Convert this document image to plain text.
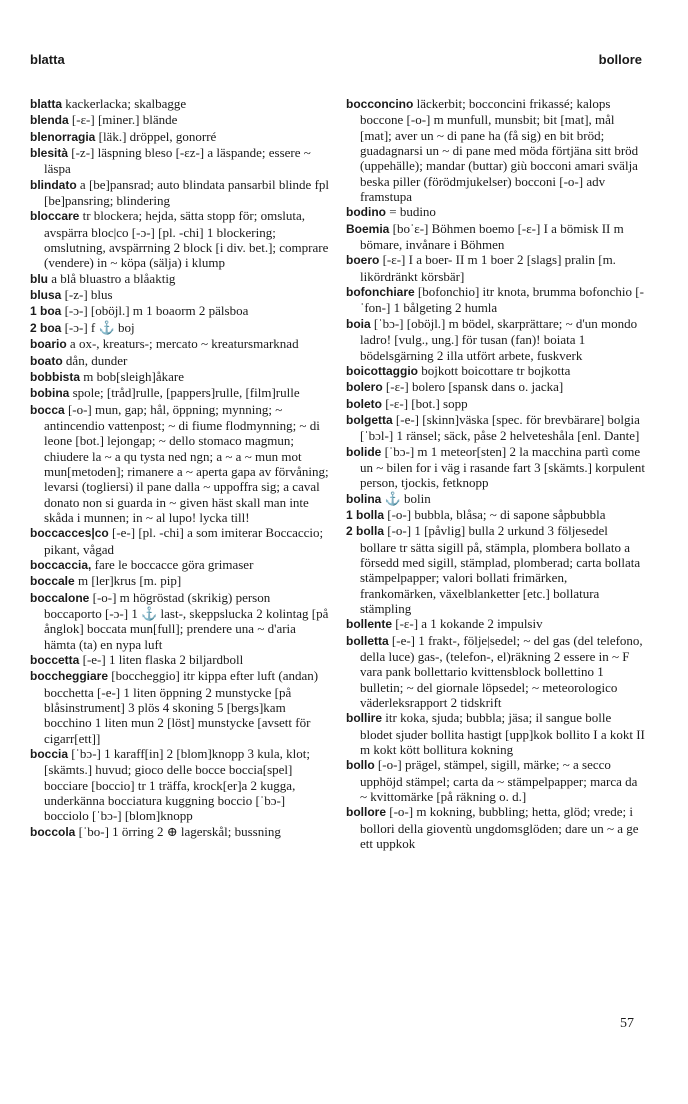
blatta	bollore

blatta kackerlacka; skalbagge

blenda [-ɛ-] [miner.] blände

blenorragia [läk.] dröppel, gonorré

blesità [-z-] läspning bleso [-ɛz-] a läspande; essere ~ läspa

blindato a [be]pansrad; auto blindata pansarbil blinde fpl [be]pansring; blindering

bloccare tr blockera; hejda, sätta stopp för; omsluta, avspärra bloc|co [-ɔ-] [pl. -chi] 1 blockering; omslutning, avspärrning 2 block [i div. bet.]; comprare (vendere) in ~ köpa (sälja) i klump

blu a blå bluastro a blåaktig

blusa [-z-] blus

1 boa [-ɔ-] [oböjl.] m 1 boaorm 2 pälsboa

2 boa [-ɔ-] f ⚓ boj

boario a ox-, kreaturs-; mercato ~ kreatursmarknad

boato dån, dunder

bobbista m bob[sleigh]åkare

bobina spole; [tråd]rulle, [pappers]rulle, [film]rulle

bocca [-o-] mun, gap; hål, öppning; mynning; ~ antincendio vattenpost; ~ di fiume flodmynning; ~ di leone [bot.] lejongap; ~ dello stomaco magmun; chiudere la ~ a qu tysta ned ngn; a ~ a ~ mun mot mun[metoden]; rimanere a ~ aperta gapa av förvåning; levarsi (togliersi) il pane dalla ~ uppoffra sig; a caval donato non si guarda in ~ given häst skall man inte skåda i munnen; in ~ al lupo! lycka till!

boccacces|co [-e-] [pl. -chi] a som imiterar Boccaccio; pikant, vågad

boccaccia, fare le boccacce göra grimaser

boccale m [ler]krus [m. pip]

boccalone [-o-] m högröstad (skrikig) person boccaporto [-ɔ-] 1 ⚓ last-, skeppslucka 2 kolintag [på ånglok] boccata mun[full]; prendere una ~ d'aria hämta (ta) en nypa luft

boccetta [-e-] 1 liten flaska 2 biljardboll

boccheggiare [boccheggio] itr kippa efter luft (andan) bocchetta [-e-] 1 liten öppning 2 munstycke [på blåsinstrument] 3 plös 4 skoning 5 [bergs]kam bocchino 1 liten mun 2 [löst] munstycke [avsett för cigarr[ett]]

boccia [ˈbɔ-] 1 karaff[in] 2 [blom]knopp 3 kula, klot; [skämts.] huvud; gioco delle bocce boccia[spel] bocciare [boccio] tr 1 träffa, krock[er]a 2 kugga, underkänna bocciatura kuggning boccio [ˈbɔ-] bocciolo [ˈbɔ-] [blom]knopp

boccola [ˈbo-] 1 örring 2 ⊕ lagerskål; bussning

bocconcino läckerbit; bocconcini frikassé; kalops boccone [-o-] m munfull, munsbit; bit [mat], mål [mat]; aver un ~ di pane ha (få sig) en bit bröd; guadagnarsi un ~ di pane med möda förtjäna sitt bröd (uppehälle); mandar (buttar) giù bocconi amari svälja beska piller (förödmjukelser) bocconi [-o-] adv framstupa

bodino = budino

Boemia [boˈɛ-] Böhmen boemo [-ɛ-] I a bömisk II m bömare, invånare i Böhmen

boero [-ɛ-] I a boer- II m 1 boer 2 [slags] pralin [m. likördränkt körsbär]

bofonchiare [bofonchio] itr knota, brumma bofonchio [-ˈfon-] 1 bålgeting 2 humla

boia [ˈbɔ-] [oböjl.] m bödel, skarprättare; ~ d'un mondo ladro! [vulg., ung.] för tusan (fan)! boiata 1 bödelsgärning 2 illa utfört arbete, fuskverk

boicottaggio bojkott boicottare tr bojkotta

bolero [-ɛ-] bolero [spansk dans o. jacka]

boleto [-ɛ-] [bot.] sopp

bolgetta [-e-] [skinn]väska [spec. för brevbärare] bolgia [ˈbɔl-] 1 ränsel; säck, påse 2 helveteshåla [enl. Dante]

bolide [ˈbɔ-] m 1 meteor[sten] 2 la macchina partì come un ~ bilen for i väg i rasande fart 3 [skämts.] korpulent person, tjockis, fetknopp

bolina ⚓ bolin

1 bolla [-o-] bubbla, blåsa; ~ di sapone såpbubbla

2 bolla [-o-] 1 [påvlig] bulla 2 urkund 3 följesedel bollare tr sätta sigill på, stämpla, plombera bollato a försedd med sigill, stämplad, plomberad; carta bollata stämpelpapper; valori bollati frimärken, frankomärken, växelblanketter [etc.] bollatura stämpling

bollente [-ɛ-] a 1 kokande 2 impulsiv

bolletta [-e-] 1 frakt-, följe|sedel; ~ del gas (del telefono, della luce) gas-, (telefon-, el)räkning 2 essere in ~ F vara pank bollettario kvittensblock bollettino 1 bulletin; ~ del giornale löpsedel; ~ meteorologico väderleksrapport 2 tidskrift

bollire itr koka, sjuda; bubbla; jäsa; il sangue bolle blodet sjuder bollita hastigt [upp]kok bollito I a kokt II m kokt kött bollitura kokning

bollo [-o-] prägel, stämpel, sigill, märke; ~ a secco upphöjd stämpel; carta da ~ stämpelpapper; marca da ~ kvittomärke [på räkning o. d.]

bollore [-o-] m kokning, bubbling; hetta, glöd; vrede; i bollori della gioventù ungdomsglöden; dare un ~ a ge ett uppkok

57
